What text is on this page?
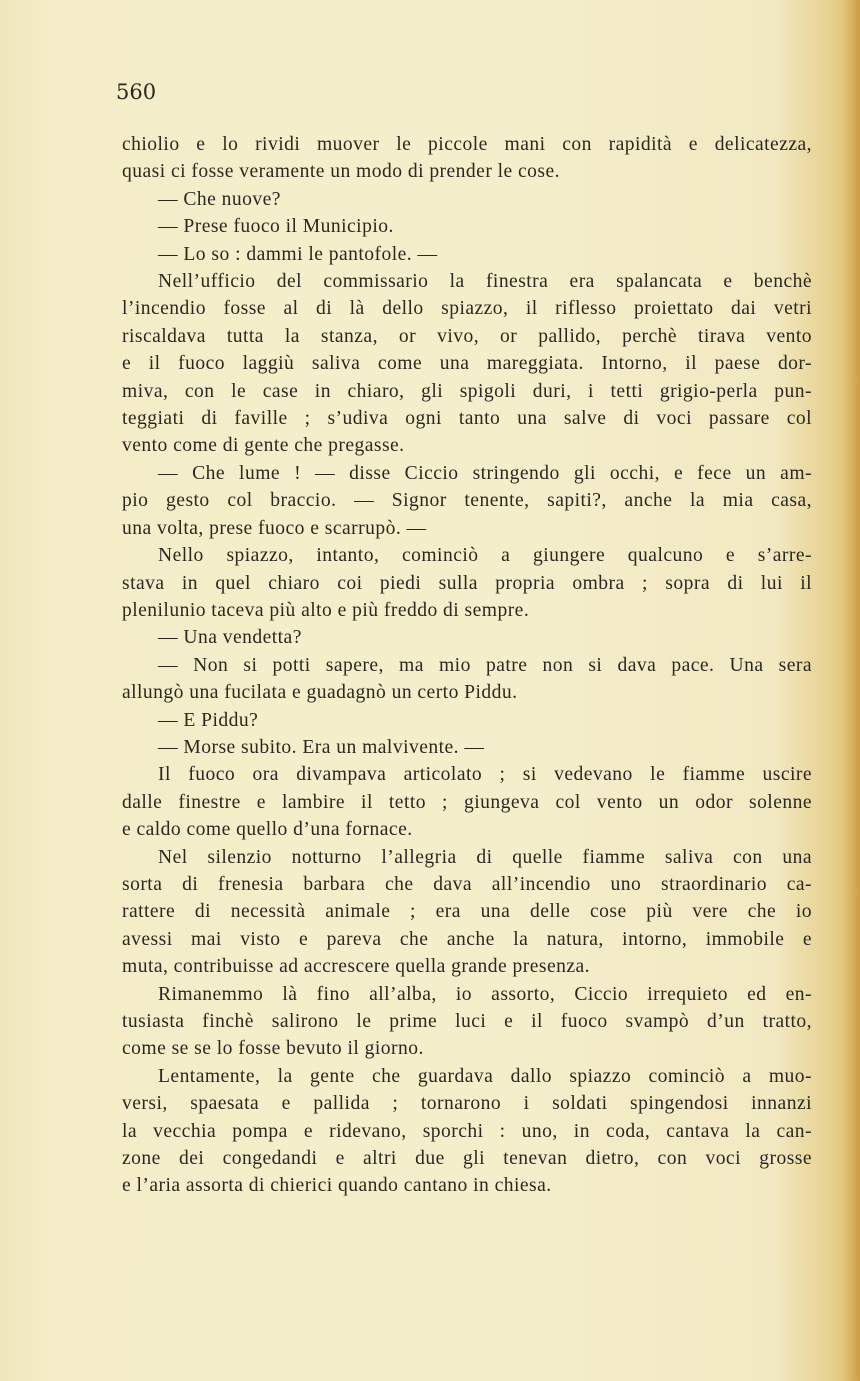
560
chiolio e lo rividi muover le piccole mani con rapidità e delicatezza,
quasi ci fosse veramente un modo di prender le cose.
— Che nuove?
— Prese fuoco il Municipio.
— Lo so : dammi le pantofole. —
Nell’ufficio del commissario la finestra era spalancata e benchè
l’incendio fosse al di là dello spiazzo, il riflesso proiettato dai vetri
riscaldava tutta la stanza, or vivo, or pallido, perchè tirava vento
e il fuoco laggiù saliva come una mareggiata. Intorno, il paese dor-
miva, con le case in chiaro, gli spigoli duri, i tetti grigio-perla pun-
teggiati di faville ; s’udiva ogni tanto una salve di voci passare col
vento come di gente che pregasse.
— Che lume ! — disse Ciccio stringendo gli occhi, e fece un am-
pio gesto col braccio. — Signor tenente, sapiti?, anche la mia casa,
una volta, prese fuoco e scarrupò. —
Nello spiazzo, intanto, cominciò a giungere qualcuno e s’arre-
stava in quel chiaro coi piedi sulla propria ombra ; sopra di lui il
plenilunio taceva più alto e più freddo di sempre.
— Una vendetta?
— Non si potti sapere, ma mio patre non si dava pace. Una sera
allungò una fucilata e guadagnò un certo Piddu.
— E Piddu?
— Morse subito. Era un malvivente. —
Il fuoco ora divampava articolato ; si vedevano le fiamme uscire
dalle finestre e lambire il tetto ; giungeva col vento un odor solenne
e caldo come quello d’una fornace.
Nel silenzio notturno l’allegria di quelle fiamme saliva con una
sorta di frenesia barbara che dava all’incendio uno straordinario ca-
rattere di necessità animale ; era una delle cose più vere che io
avessi mai visto e pareva che anche la natura, intorno, immobile e
muta, contribuisse ad accrescere quella grande presenza.
Rimanemmo là fino all’alba, io assorto, Ciccio irrequieto ed en-
tusiasta finchè salirono le prime luci e il fuoco svampò d’un tratto,
come se se lo fosse bevuto il giorno.
Lentamente, la gente che guardava dallo spiazzo cominciò a muo-
versi, spaesata e pallida ; tornarono i soldati spingendosi innanzi
la vecchia pompa e ridevano, sporchi : uno, in coda, cantava la can-
zone dei congedandi e altri due gli tenevan dietro, con voci grosse
e l’aria assorta di chierici quando cantano in chiesa.
